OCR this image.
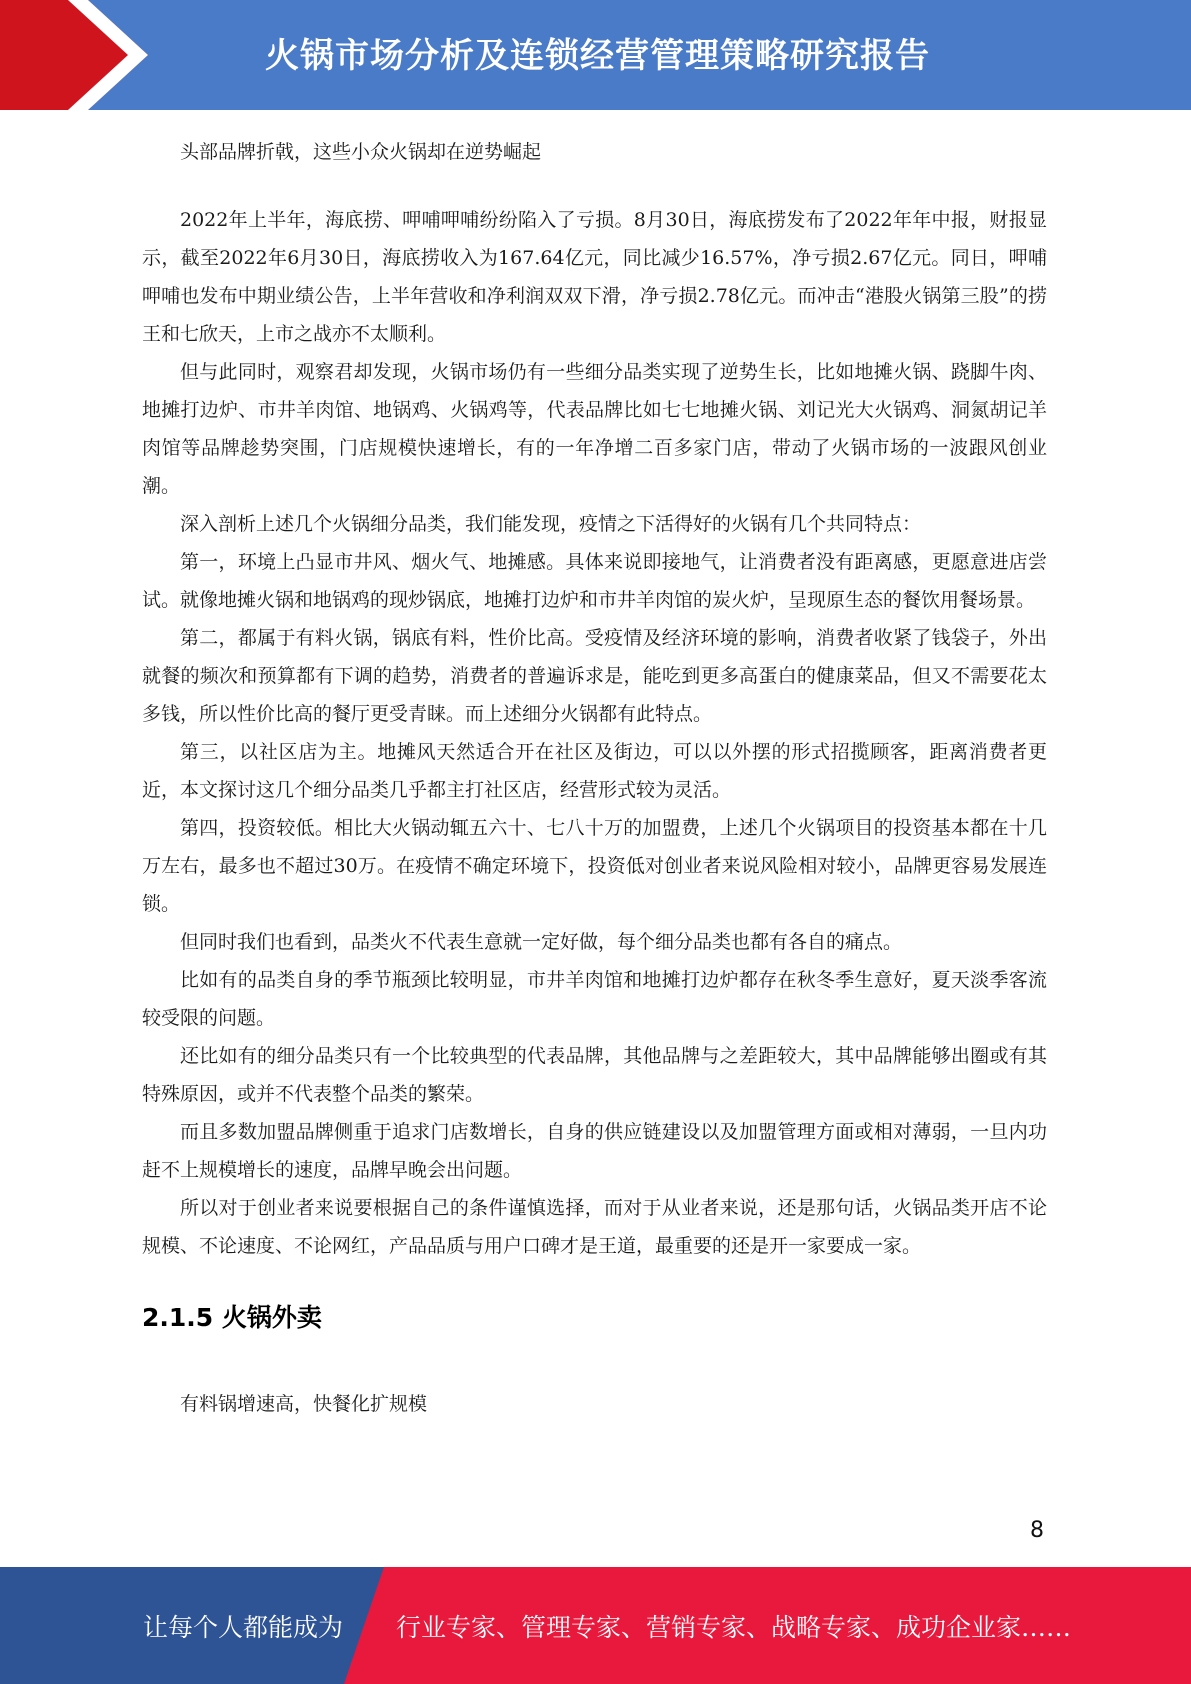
火锅市场分析及连锁经营管理策略研究报告

头部品牌折戟，这些小众火锅却在逆势崛起

2022年上半年，海底捞、呷哺呷哺纷纷陷入了亏损。8月30日，海底捞发布了2022年年中报，财报显示，截至2022年6月30日，海底捞收入为167.64亿元，同比减少16.57%，净亏损2.67亿元。同日，呷哺呷哺也发布中期业绩公告，上半年营收和净利润双双下滑，净亏损2.78亿元。而冲击“港股火锅第三股”的捞王和七欣天，上市之战亦不太顺利。

但与此同时，观察君却发现，火锅市场仍有一些细分品类实现了逆势生长，比如地摊火锅、跷脚牛肉、地摊打边炉、市井羊肉馆、地锅鸡、火锅鸡等，代表品牌比如七七地摊火锅、刘记光大火锅鸡、洞氮胡记羊肉馆等品牌趁势突围，门店规模快速增长，有的一年净增二百多家门店，带动了火锅市场的一波跟风创业潮。

深入剖析上述几个火锅细分品类，我们能发现，疫情之下活得好的火锅有几个共同特点：

第一，环境上凸显市井风、烟火气、地摊感。具体来说即接地气，让消费者没有距离感，更愿意进店尝试。就像地摊火锅和地锅鸡的现炒锅底，地摊打边炉和市井羊肉馆的炭火炉，呈现原生态的餐饮用餐场景。

第二，都属于有料火锅，锅底有料，性价比高。受疫情及经济环境的影响，消费者收紧了钱袋子，外出就餐的频次和预算都有下调的趋势，消费者的普遍诉求是，能吃到更多高蛋白的健康菜品，但又不需要花太多钱，所以性价比高的餐厅更受青睐。而上述细分火锅都有此特点。

第三，以社区店为主。地摊风天然适合开在社区及街边，可以以外摆的形式招揽顾客，距离消费者更近，本文探讨这几个细分品类几乎都主打社区店，经营形式较为灵活。

第四，投资较低。相比大火锅动辄五六十、七八十万的加盟费，上述几个火锅项目的投资基本都在十几万左右，最多也不超过30万。在疫情不确定环境下，投资低对创业者来说风险相对较小，品牌更容易发展连锁。

但同时我们也看到，品类火不代表生意就一定好做，每个细分品类也都有各自的痛点。

比如有的品类自身的季节瓶颈比较明显，市井羊肉馆和地摊打边炉都存在秋冬季生意好，夏天淡季客流较受限的问题。

还比如有的细分品类只有一个比较典型的代表品牌，其他品牌与之差距较大，其中品牌能够出圈或有其特殊原因，或并不代表整个品类的繁荣。

而且多数加盟品牌侧重于追求门店数增长，自身的供应链建设以及加盟管理方面或相对薄弱，一旦内功赶不上规模增长的速度，品牌早晚会出问题。

所以对于创业者来说要根据自己的条件谨慎选择，而对于从业者来说，还是那句话，火锅品类开店不论规模、不论速度、不论网红，产品品质与用户口碑才是王道，最重要的还是开一家要成一家。

2.1.5 火锅外卖

有料锅增速高，快餐化扩规模

8
让每个人都能成为 行业专家、管理专家、营销专家、战略专家、成功企业家……
